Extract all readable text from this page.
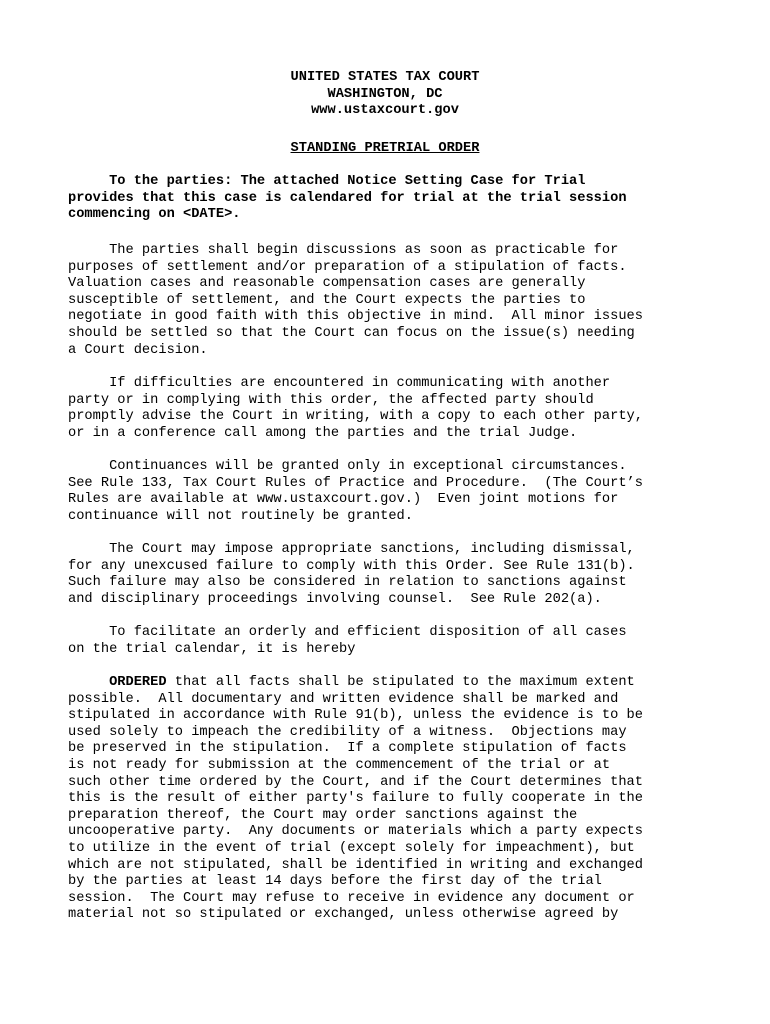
UNITED STATES TAX COURT
WASHINGTON, DC
www.ustaxcourt.gov
STANDING PRETRIAL ORDER
To the parties: The attached Notice Setting Case for Trial
provides that this case is calendared for trial at the trial session
commencing on <DATE>.
The parties shall begin discussions as soon as practicable for
purposes of settlement and/or preparation of a stipulation of facts.
Valuation cases and reasonable compensation cases are generally
susceptible of settlement, and the Court expects the parties to
negotiate in good faith with this objective in mind.  All minor issues
should be settled so that the Court can focus on the issue(s) needing
a Court decision.
If difficulties are encountered in communicating with another
party or in complying with this order, the affected party should
promptly advise the Court in writing, with a copy to each other party,
or in a conference call among the parties and the trial Judge.
Continuances will be granted only in exceptional circumstances.
See Rule 133, Tax Court Rules of Practice and Procedure.  (The Court’s
Rules are available at www.ustaxcourt.gov.)  Even joint motions for
continuance will not routinely be granted.
The Court may impose appropriate sanctions, including dismissal,
for any unexcused failure to comply with this Order. See Rule 131(b).
Such failure may also be considered in relation to sanctions against
and disciplinary proceedings involving counsel.  See Rule 202(a).
To facilitate an orderly and efficient disposition of all cases
on the trial calendar, it is hereby
ORDERED that all facts shall be stipulated to the maximum extent
possible.  All documentary and written evidence shall be marked and
stipulated in accordance with Rule 91(b), unless the evidence is to be
used solely to impeach the credibility of a witness.  Objections may
be preserved in the stipulation.  If a complete stipulation of facts
is not ready for submission at the commencement of the trial or at
such other time ordered by the Court, and if the Court determines that
this is the result of either party's failure to fully cooperate in the
preparation thereof, the Court may order sanctions against the
uncooperative party.  Any documents or materials which a party expects
to utilize in the event of trial (except solely for impeachment), but
which are not stipulated, shall be identified in writing and exchanged
by the parties at least 14 days before the first day of the trial
session.  The Court may refuse to receive in evidence any document or
material not so stipulated or exchanged, unless otherwise agreed by
